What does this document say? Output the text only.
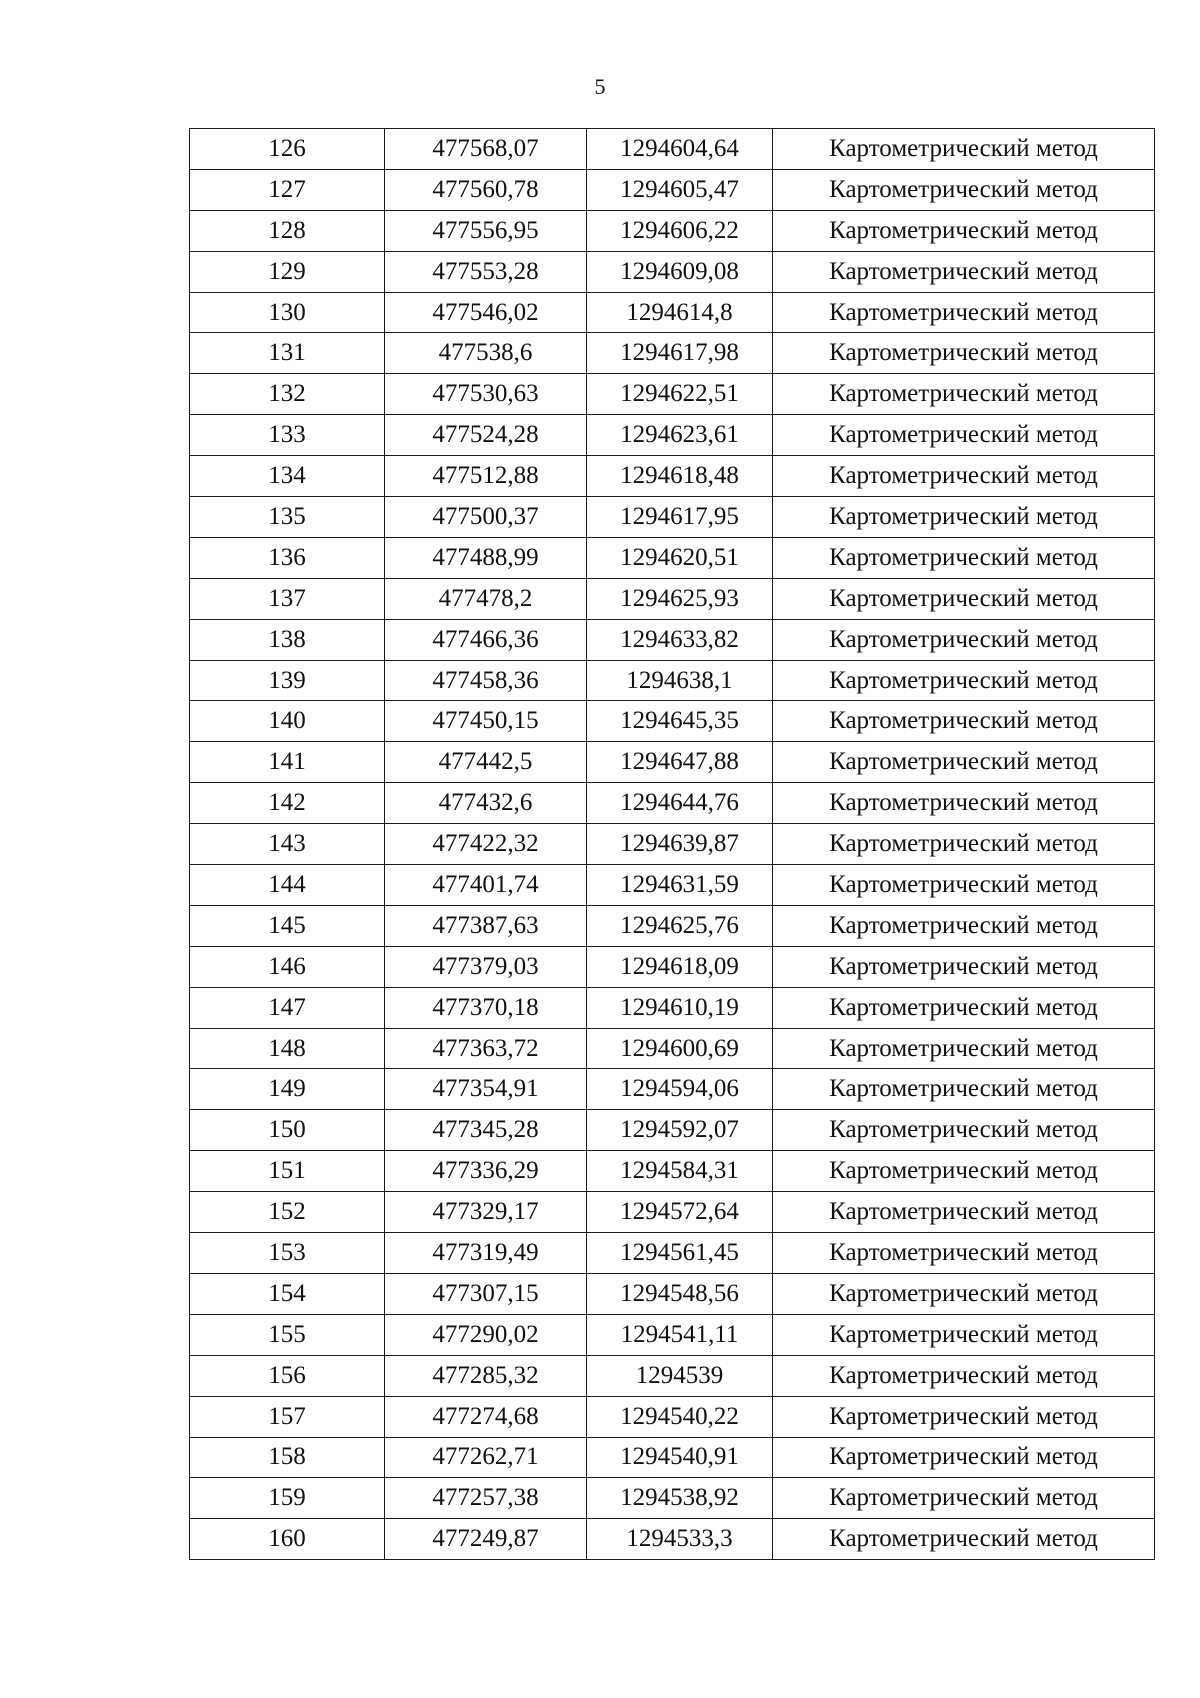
5
126	477568,07	1294604,64	Картометрический метод
127	477560,78	1294605,47	Картометрический метод
128	477556,95	1294606,22	Картометрический метод
129	477553,28	1294609,08	Картометрический метод
130	477546,02	1294614,8	Картометрический метод
131	477538,6	1294617,98	Картометрический метод
132	477530,63	1294622,51	Картометрический метод
133	477524,28	1294623,61	Картометрический метод
134	477512,88	1294618,48	Картометрический метод
135	477500,37	1294617,95	Картометрический метод
136	477488,99	1294620,51	Картометрический метод
137	477478,2	1294625,93	Картометрический метод
138	477466,36	1294633,82	Картометрический метод
139	477458,36	1294638,1	Картометрический метод
140	477450,15	1294645,35	Картометрический метод
141	477442,5	1294647,88	Картометрический метод
142	477432,6	1294644,76	Картометрический метод
143	477422,32	1294639,87	Картометрический метод
144	477401,74	1294631,59	Картометрический метод
145	477387,63	1294625,76	Картометрический метод
146	477379,03	1294618,09	Картометрический метод
147	477370,18	1294610,19	Картометрический метод
148	477363,72	1294600,69	Картометрический метод
149	477354,91	1294594,06	Картометрический метод
150	477345,28	1294592,07	Картометрический метод
151	477336,29	1294584,31	Картометрический метод
152	477329,17	1294572,64	Картометрический метод
153	477319,49	1294561,45	Картометрический метод
154	477307,15	1294548,56	Картометрический метод
155	477290,02	1294541,11	Картометрический метод
156	477285,32	1294539	Картометрический метод
157	477274,68	1294540,22	Картометрический метод
158	477262,71	1294540,91	Картометрический метод
159	477257,38	1294538,92	Картометрический метод
160	477249,87	1294533,3	Картометрический метод
